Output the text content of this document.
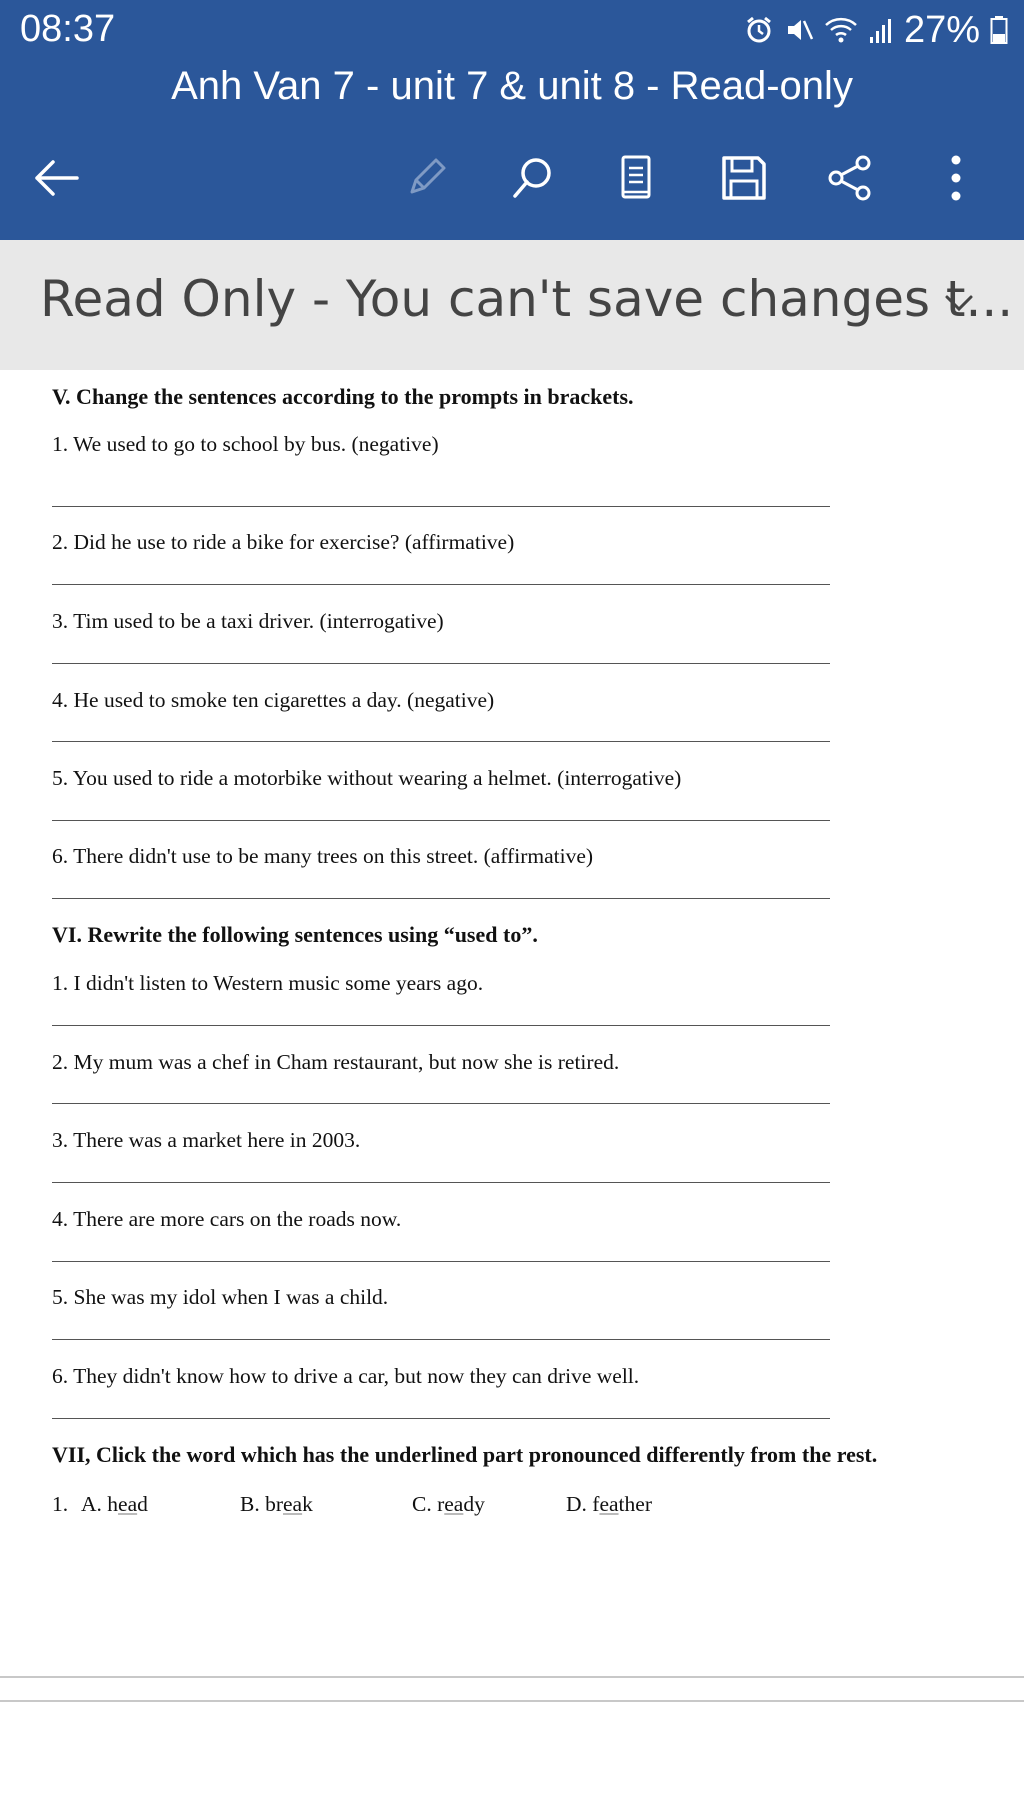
08:37	27%
Anh Van 7 - unit 7 & unit 8 - Read-only
Read Only - You can't save changes t...
V. Change the sentences according to the prompts in brackets.
1. We used to go to school by bus. (negative)
2. Did he use to ride a bike for exercise? (affirmative)
3. Tim used to be a taxi driver. (interrogative)
4. He used to smoke ten cigarettes a day. (negative)
5. You used to ride a motorbike without wearing a helmet. (interrogative)
6. There didn't use to be many trees on this street. (affirmative)
VI. Rewrite the following sentences using “used to”.
1. I didn't listen to Western music some years ago.
2. My mum was a chef in Cham restaurant, but now she is retired.
3. There was a market here in 2003.
4. There are more cars on the roads now.
5. She was my idol when I was a child.
6. They didn't know how to drive a car, but now they can drive well.
VII, Click the word which has the underlined part pronounced differently from the rest.
1. A. head	B. break	C. ready	D. feather
